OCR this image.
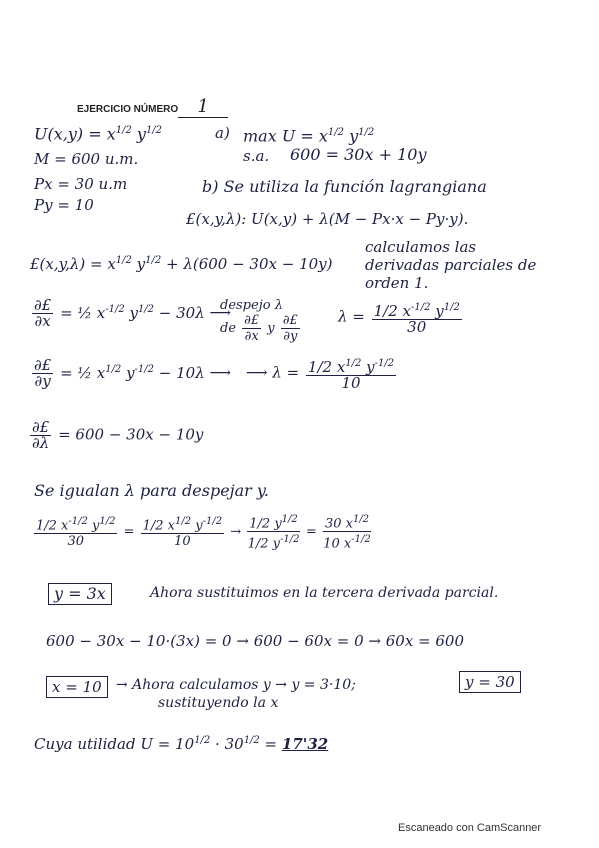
EJERCICIO NÚMERO 1
$U(x,y) = x^{1/2}$ $y^{1/2}$
M = 600 u.m.
Px = 30 u.m
Py = 10
a) $\max U = x^{1/2}$ $y^{1/2}$
s.a. 600 = 30x + 10y
b) Se utiliza la función lagrangiana
£(x,y,λ): U(x,y) + λ(M − Px·x − Py·y).
£(x,y,λ) = $x^{1/2}$ $y^{1/2} + \lambda(600 - 30x - 10y)$
calculamos las
derivadas parciales de
orden 1.
$\frac{\partial£}{\partial x}$ = ½ $x^{-1/2}$ $y^{1/2} - 30\lambda$ ⟶
despejo λ
de $\frac{\partial£}{\partial x}$ y $\frac{\partial£}{\partial y}$	$\lambda = \frac{1/2 x^{-1/2} y^{1/2}}{30}$
$\frac{\partial£}{\partial y}$ = ½ $x^{1/2}$ $y^{-1/2} - 10\lambda$ ⟶ ⟶ $\lambda = \frac{1/2 x^{1/2} y^{-1/2}}{10}$
$\frac{\partial£}{\partial\lambda} = 600 - 30x - 10y$
Se igualan λ para despejar y.
$\frac{1/2 x^{-1/2} y^{1/2}}{30} = \frac{1/2 x^{1/2} y^{-1/2}}{10} \to \frac{1/2 y^{1/2}}{1/2 y^{-1/2}} = \frac{30 x^{1/2}}{10 x^{-1/2}}$
y = 3x	Ahora sustituimos en la tercera derivada parcial.
600 − 30x − 10·(3x) = 0 → 600 − 60x = 0 → 60x = 600
x = 10	→ Ahora calculamos y → y = 3·10;	y = 30
sustituyendo la x
Cuya utilidad $U = 10^{1/2} \cdot 30^{1/2} = 17'32$
Escaneado con CamScanner
